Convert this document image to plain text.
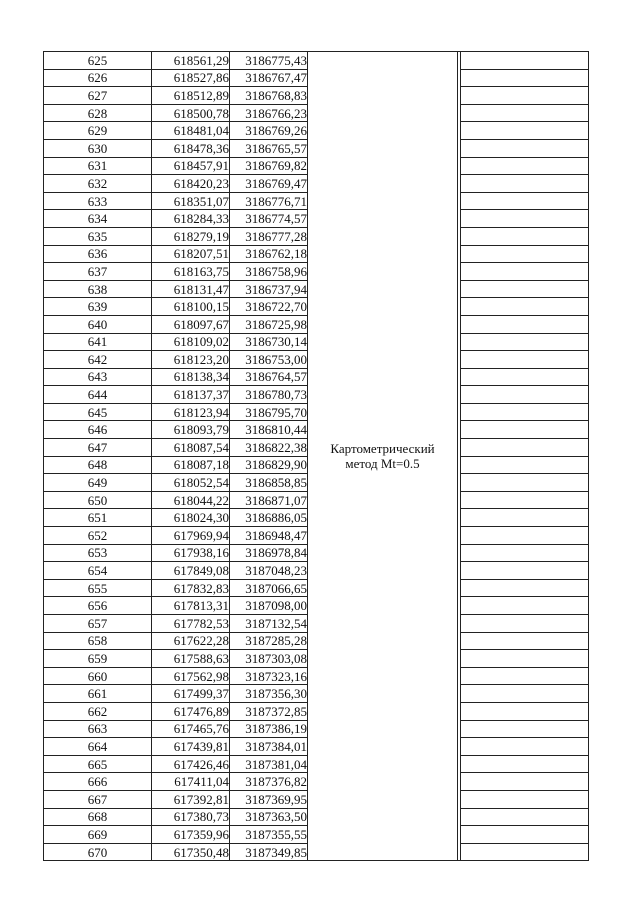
625	618561,29	3186775,43	Картометрический
метод Mt=0.5		

626	618527,86	3186767,47			
627	618512,89	3186768,83			
628	618500,78	3186766,23			
629	618481,04	3186769,26			
630	618478,36	3186765,57			
631	618457,91	3186769,82			
632	618420,23	3186769,47			
633	618351,07	3186776,71			
634	618284,33	3186774,57			
635	618279,19	3186777,28			
636	618207,51	3186762,18			
637	618163,75	3186758,96			
638	618131,47	3186737,94			
639	618100,15	3186722,70			
640	618097,67	3186725,98			
641	618109,02	3186730,14			
642	618123,20	3186753,00			
643	618138,34	3186764,57			
644	618137,37	3186780,73			
645	618123,94	3186795,70			
646	618093,79	3186810,44			
647	618087,54	3186822,38			
648	618087,18	3186829,90			
649	618052,54	3186858,85			
650	618044,22	3186871,07			
651	618024,30	3186886,05			
652	617969,94	3186948,47			
653	617938,16	3186978,84			
654	617849,08	3187048,23			
655	617832,83	3187066,65			
656	617813,31	3187098,00			
657	617782,53	3187132,54			
658	617622,28	3187285,28			
659	617588,63	3187303,08			
660	617562,98	3187323,16			
661	617499,37	3187356,30			
662	617476,89	3187372,85			
663	617465,76	3187386,19			
664	617439,81	3187384,01			
665	617426,46	3187381,04			
666	617411,04	3187376,82			
667	617392,81	3187369,95			
668	617380,73	3187363,50			
669	617359,96	3187355,55			
670	617350,48	3187349,85			
